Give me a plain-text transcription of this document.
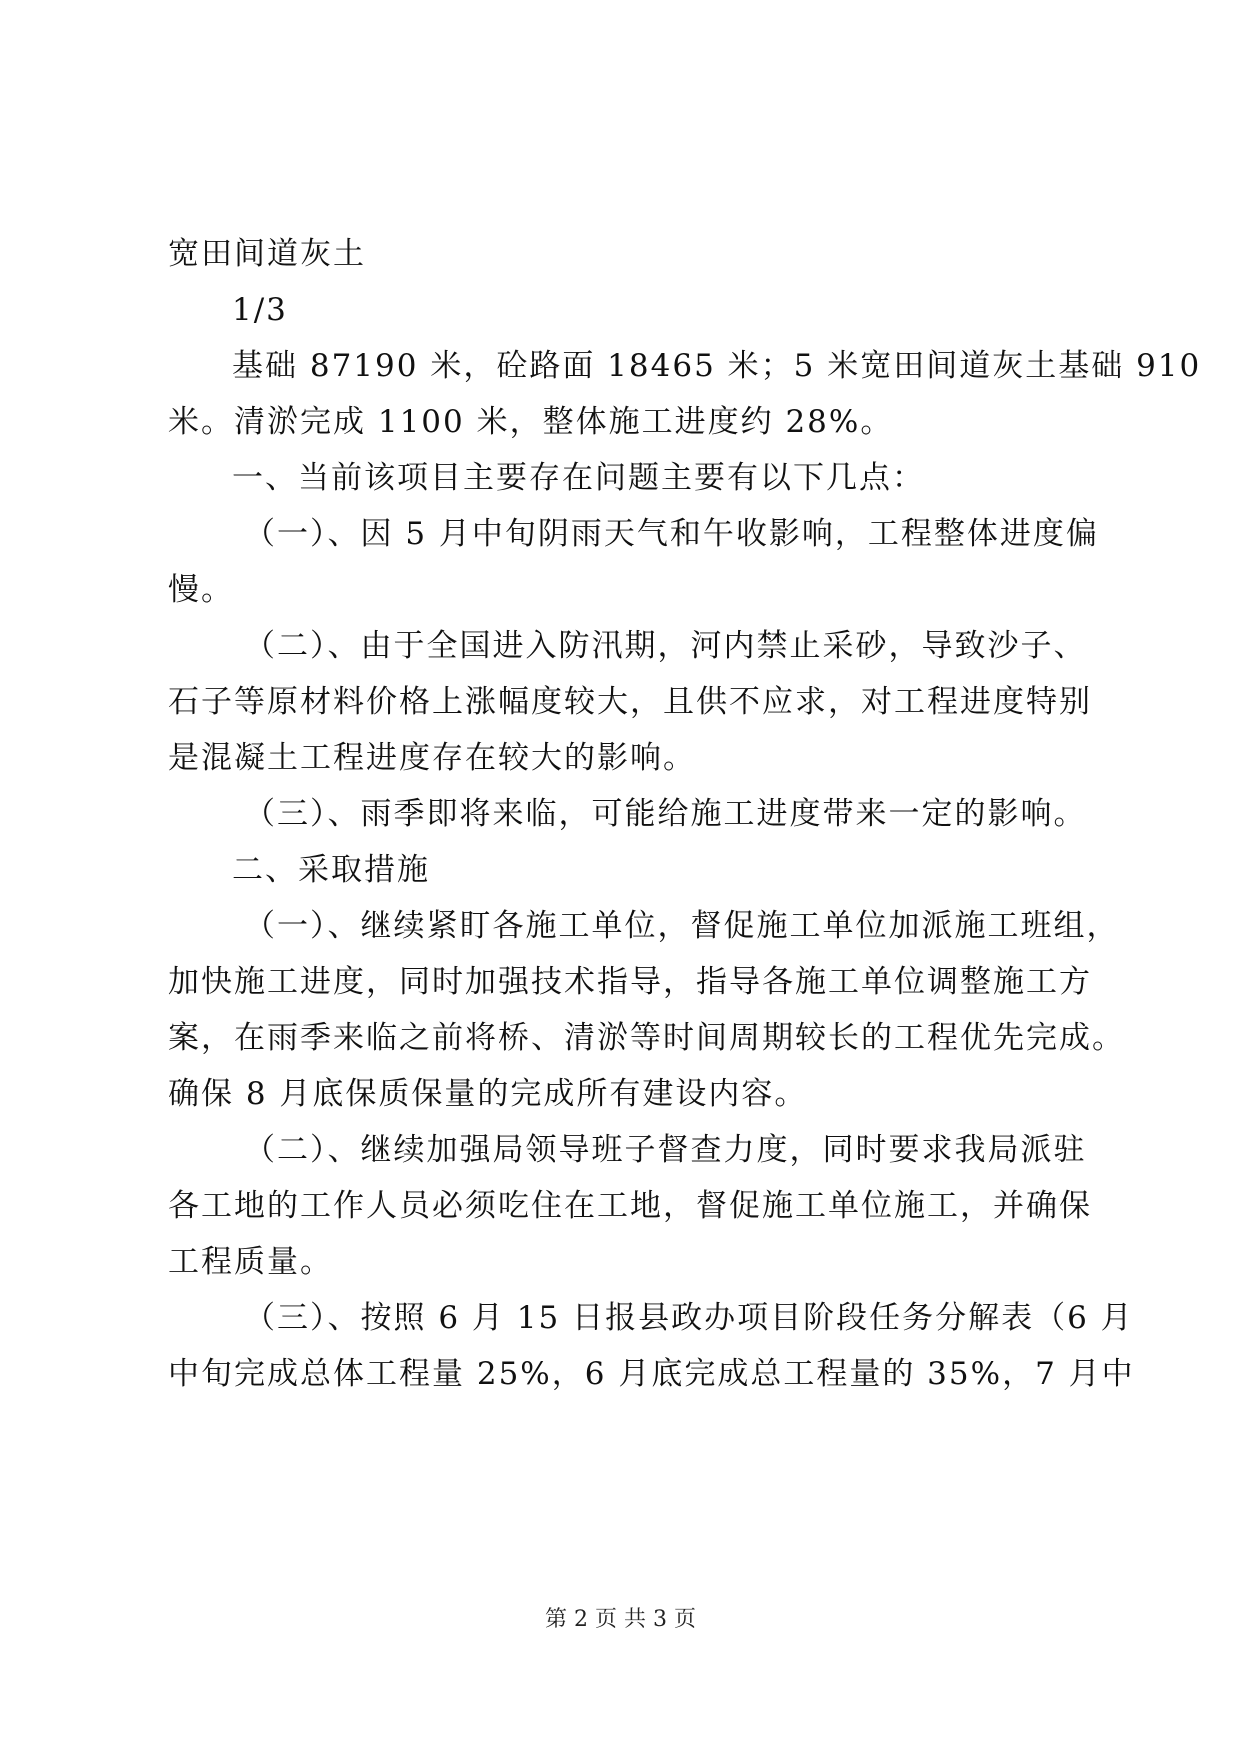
宽田间道灰土
1/3
基础 87190 米，砼路面 18465 米；5 米宽田间道灰土基础 910
米。清淤完成 1100 米，整体施工进度约 28%。
一、当前该项目主要存在问题主要有以下几点：
（一）、因 5 月中旬阴雨天气和午收影响，工程整体进度偏
慢。
（二）、由于全国进入防汛期，河内禁止采砂，导致沙子、
石子等原材料价格上涨幅度较大，且供不应求，对工程进度特别
是混凝土工程进度存在较大的影响。
（三）、雨季即将来临，可能给施工进度带来一定的影响。
二、采取措施
（一）、继续紧盯各施工单位，督促施工单位加派施工班组，
加快施工进度，同时加强技术指导，指导各施工单位调整施工方
案，在雨季来临之前将桥、清淤等时间周期较长的工程优先完成。
确保 8 月底保质保量的完成所有建设内容。
（二）、继续加强局领导班子督查力度，同时要求我局派驻
各工地的工作人员必须吃住在工地，督促施工单位施工，并确保
工程质量。
（三）、按照 6 月 15 日报县政办项目阶段任务分解表（6 月
中旬完成总体工程量 25%，6 月底完成总工程量的 35%，7 月中
第 2 页 共 3 页
